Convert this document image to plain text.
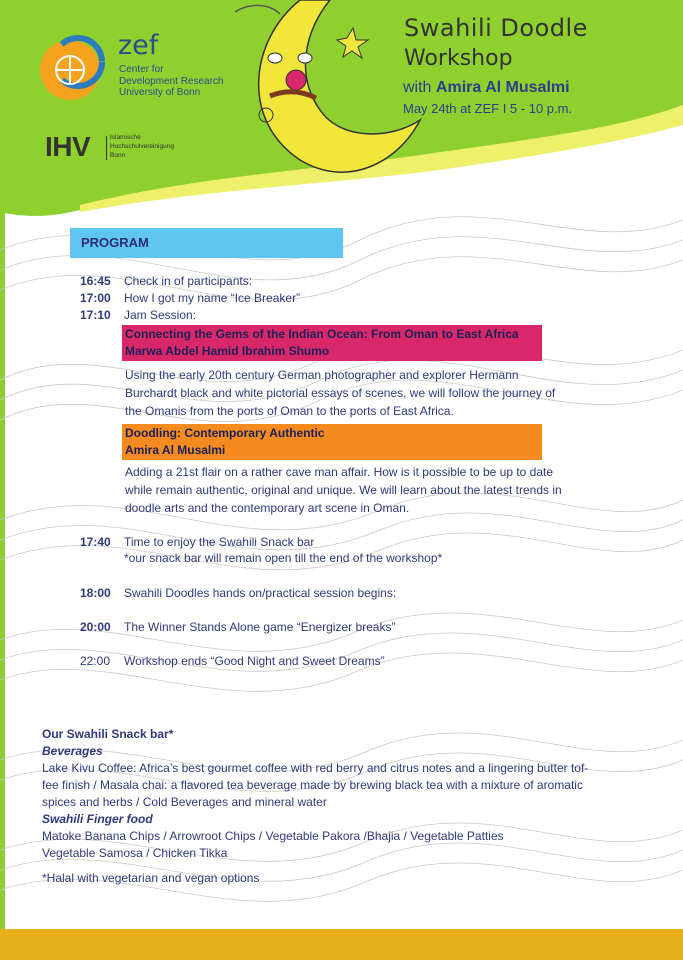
zef
Center for
Development Research
University of Bonn
IHV	Islamische
Hochschulvereinigung
Bonn
Swahili Doodle
Workshop
with Amira Al Musalmi
May 24th at ZEF I 5 - 10 p.m.
PROGRAM
16:45 Check in of participants:
17:00 How I got my name “Ice Breaker”
17:10 Jam Session:
Connecting the Gems of the Indian Ocean: From Oman to East Africa
Marwa Abdel Hamid Ibrahim Shumo
Using the early 20th century German photographer and explorer Hermann
Burchardt black and white pictorial essays of scenes, we will follow the journey of
the Omanis from the ports of Oman to the ports of East Africa.
Doodling: Contemporary Authentic
Amira Al Musalmi
Adding a 21st flair on a rather cave man affair. How is it possible to be up to date
while remain authentic, original and unique. We will learn about the latest trends in
doodle arts and the contemporary art scene in Oman.
17:40 Time to enjoy the Swahili Snack bar
*our snack bar will remain open till the end of the workshop*
18:00 Swahili Doodles hands on/practical session begins:
20:00 The Winner Stands Alone game “Energizer breaks”
22:00 Workshop ends “Good Night and Sweet Dreams”
Our Swahili Snack bar*
Beverages
Lake Kivu Coffee: Africa’s best gourmet coffee with red berry and citrus notes and a lingering butter tof-
fee finish / Masala chai: a flavored tea beverage made by brewing black tea with a mixture of aromatic
spices and herbs / Cold Beverages and mineral water
Swahili Finger food
Matoke Banana Chips / Arrowroot Chips / Vegetable Pakora /Bhajia / Vegetable Patties
Vegetable Samosa / Chicken Tikka
*Halal with vegetarian and vegan options
